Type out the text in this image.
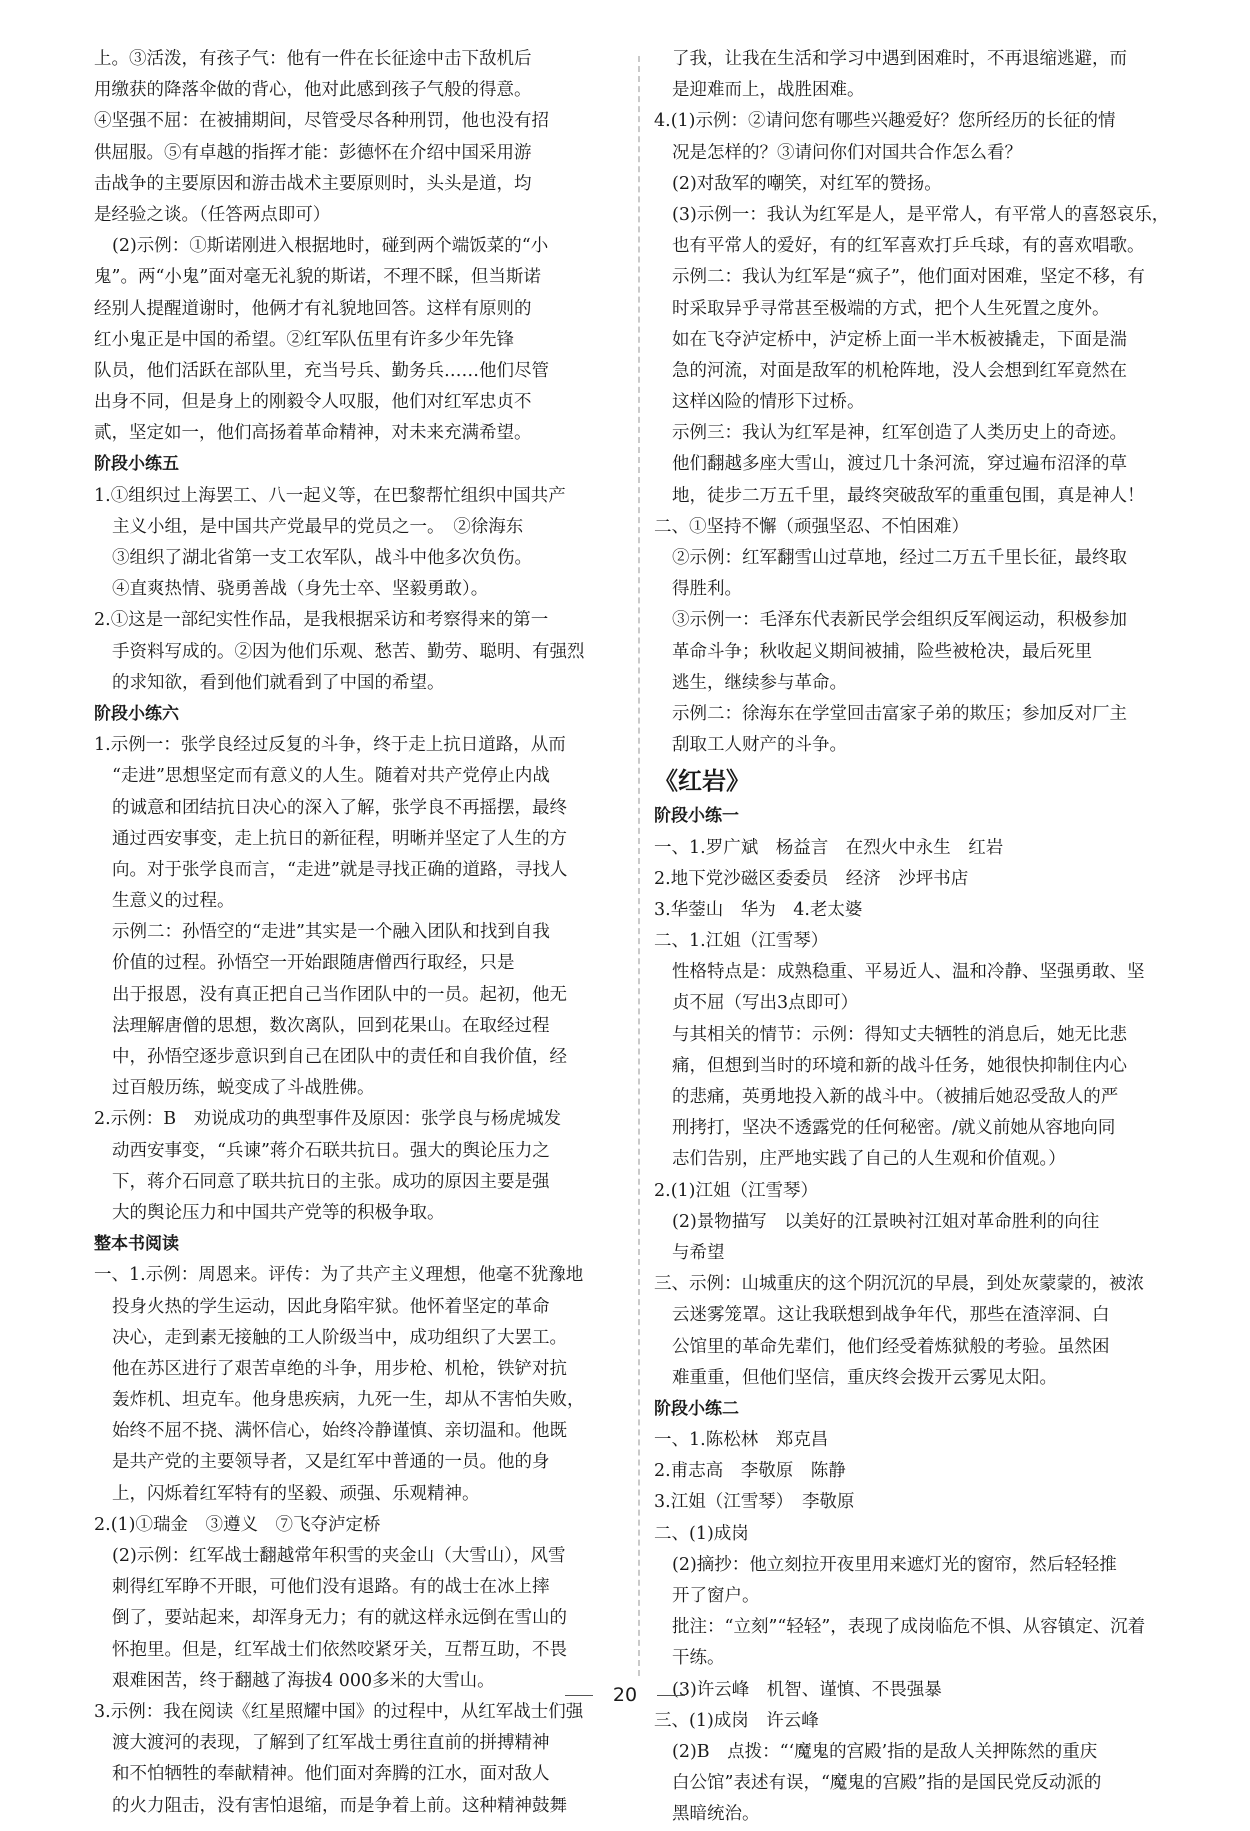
上。③活泼，有孩子气：他有一件在长征途中击下敌机后
用缴获的降落伞做的背心，他对此感到孩子气般的得意。
④坚强不屈：在被捕期间，尽管受尽各种刑罚，他也没有招
供屈服。⑤有卓越的指挥才能：彭德怀在介绍中国采用游
击战争的主要原因和游击战术主要原则时，头头是道，均
是经验之谈。（任答两点即可）
(2)示例：①斯诺刚进入根据地时，碰到两个端饭菜的“小
鬼”。两“小鬼”面对毫无礼貌的斯诺，不理不睬，但当斯诺
经别人提醒道谢时，他俩才有礼貌地回答。这样有原则的
红小鬼正是中国的希望。②红军队伍里有许多少年先锋
队员，他们活跃在部队里，充当号兵、勤务兵……他们尽管
出身不同，但是身上的刚毅令人叹服，他们对红军忠贞不
贰，坚定如一，他们高扬着革命精神，对未来充满希望。
阶段小练五
1.①组织过上海罢工、八一起义等，在巴黎帮忙组织中国共产
主义小组，是中国共产党最早的党员之一。　②徐海东
③组织了湖北省第一支工农军队，战斗中他多次负伤。
④直爽热情、骁勇善战（身先士卒、坚毅勇敢）。
2.①这是一部纪实性作品，是我根据采访和考察得来的第一
手资料写成的。②因为他们乐观、愁苦、勤劳、聪明、有强烈
的求知欲，看到他们就看到了中国的希望。
阶段小练六
1.示例一：张学良经过反复的斗争，终于走上抗日道路，从而
“走进”思想坚定而有意义的人生。随着对共产党停止内战
的诚意和团结抗日决心的深入了解，张学良不再摇摆，最终
通过西安事变，走上抗日的新征程，明晰并坚定了人生的方
向。对于张学良而言，“走进”就是寻找正确的道路，寻找人
生意义的过程。
示例二：孙悟空的“走进”其实是一个融入团队和找到自我
价值的过程。孙悟空一开始跟随唐僧西行取经，只是
出于报恩，没有真正把自己当作团队中的一员。起初，他无
法理解唐僧的思想，数次离队，回到花果山。在取经过程
中，孙悟空逐步意识到自己在团队中的责任和自我价值，经
过百般历练，蜕变成了斗战胜佛。
2.示例：B　劝说成功的典型事件及原因：张学良与杨虎城发
动西安事变，“兵谏”蒋介石联共抗日。强大的舆论压力之
下，蒋介石同意了联共抗日的主张。成功的原因主要是强
大的舆论压力和中国共产党等的积极争取。
整本书阅读
一、1.示例：周恩来。评传：为了共产主义理想，他毫不犹豫地
投身火热的学生运动，因此身陷牢狱。他怀着坚定的革命
决心，走到素无接触的工人阶级当中，成功组织了大罢工。
他在苏区进行了艰苦卓绝的斗争，用步枪、机枪，铁铲对抗
轰炸机、坦克车。他身患疾病，九死一生，却从不害怕失败，
始终不屈不挠、满怀信心，始终冷静谨慎、亲切温和。他既
是共产党的主要领导者，又是红军中普通的一员。他的身
上，闪烁着红军特有的坚毅、顽强、乐观精神。
2.(1)①瑞金　③遵义　⑦飞夺泸定桥
(2)示例：红军战士翻越常年积雪的夹金山（大雪山），风雪
刺得红军睁不开眼，可他们没有退路。有的战士在冰上摔
倒了，要站起来，却浑身无力；有的就这样永远倒在雪山的
怀抱里。但是，红军战士们依然咬紧牙关，互帮互助，不畏
艰难困苦，终于翻越了海拔4 000多米的大雪山。
3.示例：我在阅读《红星照耀中国》的过程中，从红军战士们强
渡大渡河的表现，了解到了红军战士勇往直前的拼搏精神
和不怕牺牲的奉献精神。他们面对奔腾的江水，面对敌人
的火力阻击，没有害怕退缩，而是争着上前。这种精神鼓舞
了我，让我在生活和学习中遇到困难时，不再退缩逃避，而
是迎难而上，战胜困难。
4.(1)示例：②请问您有哪些兴趣爱好？您所经历的长征的情
况是怎样的？③请问你们对国共合作怎么看？
(2)对敌军的嘲笑，对红军的赞扬。
(3)示例一：我认为红军是人，是平常人，有平常人的喜怒哀乐，
也有平常人的爱好，有的红军喜欢打乒乓球，有的喜欢唱歌。
示例二：我认为红军是“疯子”，他们面对困难，坚定不移，有
时采取异乎寻常甚至极端的方式，把个人生死置之度外。
如在飞夺泸定桥中，泸定桥上面一半木板被撬走，下面是湍
急的河流，对面是敌军的机枪阵地，没人会想到红军竟然在
这样凶险的情形下过桥。
示例三：我认为红军是神，红军创造了人类历史上的奇迹。
他们翻越多座大雪山，渡过几十条河流，穿过遍布沼泽的草
地，徒步二万五千里，最终突破敌军的重重包围，真是神人！
二、①坚持不懈（顽强坚忍、不怕困难）
②示例：红军翻雪山过草地，经过二万五千里长征，最终取
得胜利。
③示例一：毛泽东代表新民学会组织反军阀运动，积极参加
革命斗争；秋收起义期间被捕，险些被枪决，最后死里
逃生，继续参与革命。
示例二：徐海东在学堂回击富家子弟的欺压；参加反对厂主
刮取工人财产的斗争。
《红岩》
阶段小练一
一、1.罗广斌　杨益言　在烈火中永生　红岩
2.地下党沙磁区委委员　经济　沙坪书店
3.华蓥山　华为　4.老太婆
二、1.江姐（江雪琴）
性格特点是：成熟稳重、平易近人、温和冷静、坚强勇敢、坚
贞不屈（写出3点即可）
与其相关的情节：示例：得知丈夫牺牲的消息后，她无比悲
痛，但想到当时的环境和新的战斗任务，她很快抑制住内心
的悲痛，英勇地投入新的战斗中。（被捕后她忍受敌人的严
刑拷打，坚决不透露党的任何秘密。/就义前她从容地向同
志们告别，庄严地实践了自己的人生观和价值观。）
2.(1)江姐（江雪琴）
(2)景物描写　以美好的江景映衬江姐对革命胜利的向往
与希望
三、示例：山城重庆的这个阴沉沉的早晨，到处灰蒙蒙的，被浓
云迷雾笼罩。这让我联想到战争年代，那些在渣滓洞、白
公馆里的革命先辈们，他们经受着炼狱般的考验。虽然困
难重重，但他们坚信，重庆终会拨开云雾见太阳。
阶段小练二
一、1.陈松林　郑克昌
2.甫志高　李敬原　陈静
3.江姐（江雪琴）　李敬原
二、(1)成岗
(2)摘抄：他立刻拉开夜里用来遮灯光的窗帘，然后轻轻推
开了窗户。
批注：“立刻”“轻轻”，表现了成岗临危不惧、从容镇定、沉着
干练。
(3)许云峰　机智、谨慎、不畏强暴
三、(1)成岗　许云峰
(2)B　点拨：“‘魔鬼的宫殿’指的是敌人关押陈然的重庆
白公馆”表述有误，“魔鬼的宫殿”指的是国民党反动派的
黑暗统治。
20
